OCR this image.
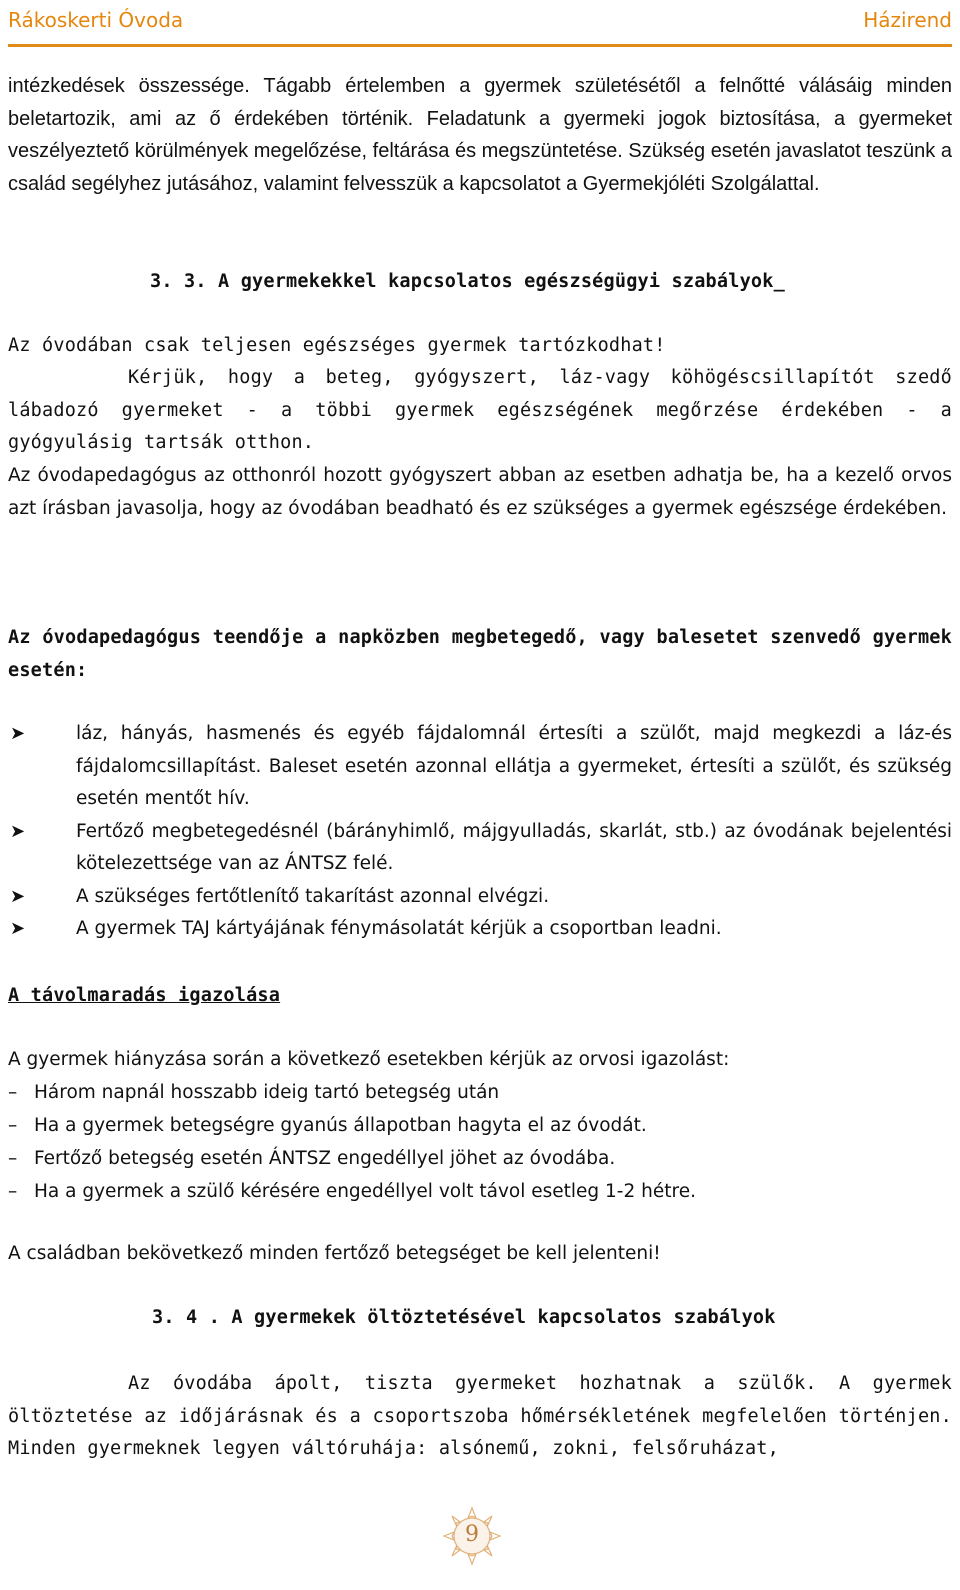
Rákoskerti Óvoda	Házirend

intézkedések összessége. Tágabb értelemben a gyermek születésétől a felnőtté válásáig minden beletartozik, ami az ő érdekében történik. Feladatunk a gyermeki jogok biztosítása, a gyermeket veszélyeztető körülmények megelőzése, feltárása és megszüntetése. Szükség esetén javaslatot teszünk a család segélyhez jutásához, valamint felvesszük a kapcsolatot a Gyermekjóléti Szolgálattal.

3. 3. A gyermekekkel kapcsolatos egészségügyi szabályok_

Az óvodában csak teljesen egészséges gyermek tartózkodhat!

Kérjük, hogy a beteg, gyógyszert, láz-vagy köhögéscsillapítót szedő lábadozó gyermeket - a többi gyermek egészségének megőrzése érdekében - a gyógyulásig tartsák otthon.

Az óvodapedagógus az otthonról hozott gyógyszert abban az esetben adhatja be, ha a kezelő orvos azt írásban javasolja, hogy az óvodában beadható és ez szükséges a gyermek egészsége érdekében.

Az óvodapedagógus teendője a napközben megbetegedő, vagy balesetet szenvedő gyermek esetén:

➤	láz, hányás, hasmenés és egyéb fájdalomnál értesíti a szülőt, majd megkezdi a láz-és fájdalomcsillapítást. Baleset esetén azonnal ellátja a gyermeket, értesíti a szülőt, és szükség esetén mentőt hív.
➤	Fertőző megbetegedésnél (bárányhimlő, májgyulladás, skarlát, stb.) az óvodának bejelentési kötelezettsége van az ÁNTSZ felé.
➤	A szükséges fertőtlenítő takarítást azonnal elvégzi.
➤	A gyermek TAJ kártyájának fénymásolatát kérjük a csoportban leadni.

A távolmaradás igazolása

A gyermek hiányzása során a következő esetekben kérjük az orvosi igazolást:

– Három napnál hosszabb ideig tartó betegség után
– Ha a gyermek betegségre gyanús állapotban hagyta el az óvodát.
– Fertőző betegség esetén ÁNTSZ engedéllyel jöhet az óvodába.
– Ha a gyermek a szülő kérésére engedéllyel volt távol esetleg 1-2 hétre.

A családban bekövetkező minden fertőző betegséget be kell jelenteni!

3. 4 . A gyermekek öltöztetésével kapcsolatos szabályok

Az óvodába ápolt, tiszta gyermeket hozhatnak a szülők. A gyermek öltöztetése az időjárásnak és a csoportszoba hőmérsékletének megfelelően történjen. Minden gyermeknek legyen váltóruhája: alsónemű, zokni, felsőruházat,

9
